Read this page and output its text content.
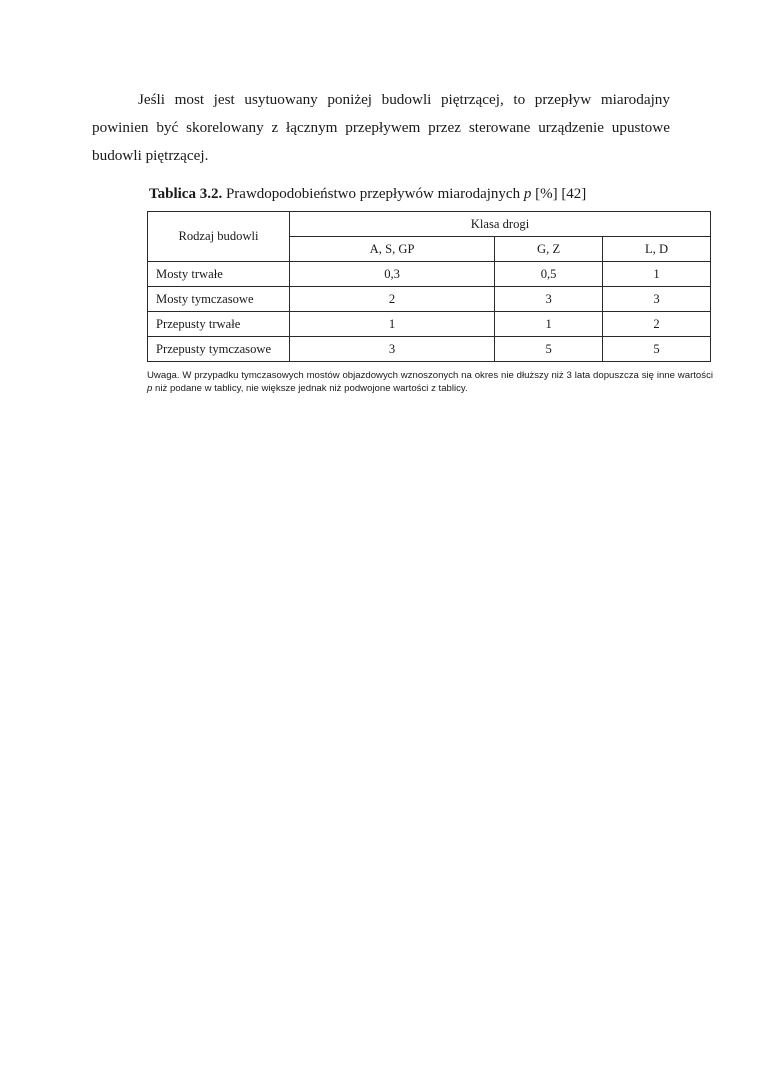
Jeśli most jest usytuowany poniżej budowli piętrzącej, to przepływ miarodajny
powinien być skorelowany z łącznym przepływem przez sterowane urządzenie upustowe
budowli piętrzącej.
Tablica 3.2. Prawdopodobieństwo przepływów miarodajnych p [%] [42]
Rodzaj budowli	Klasa drogi		
	A, S, GP	G, Z	L, D
Mosty trwałe	0,3	0,5	1
Mosty tymczasowe	2	3	3
Przepusty trwałe	1	1	2
Przepusty tymczasowe	3	5	5
Uwaga. W przypadku tymczasowych mostów objazdowych wznoszonych na okres nie dłuższy niż 3 lata dopuszcza się inne wartości p niż podane w tablicy, nie większe jednak niż podwojone wartości z tablicy.
